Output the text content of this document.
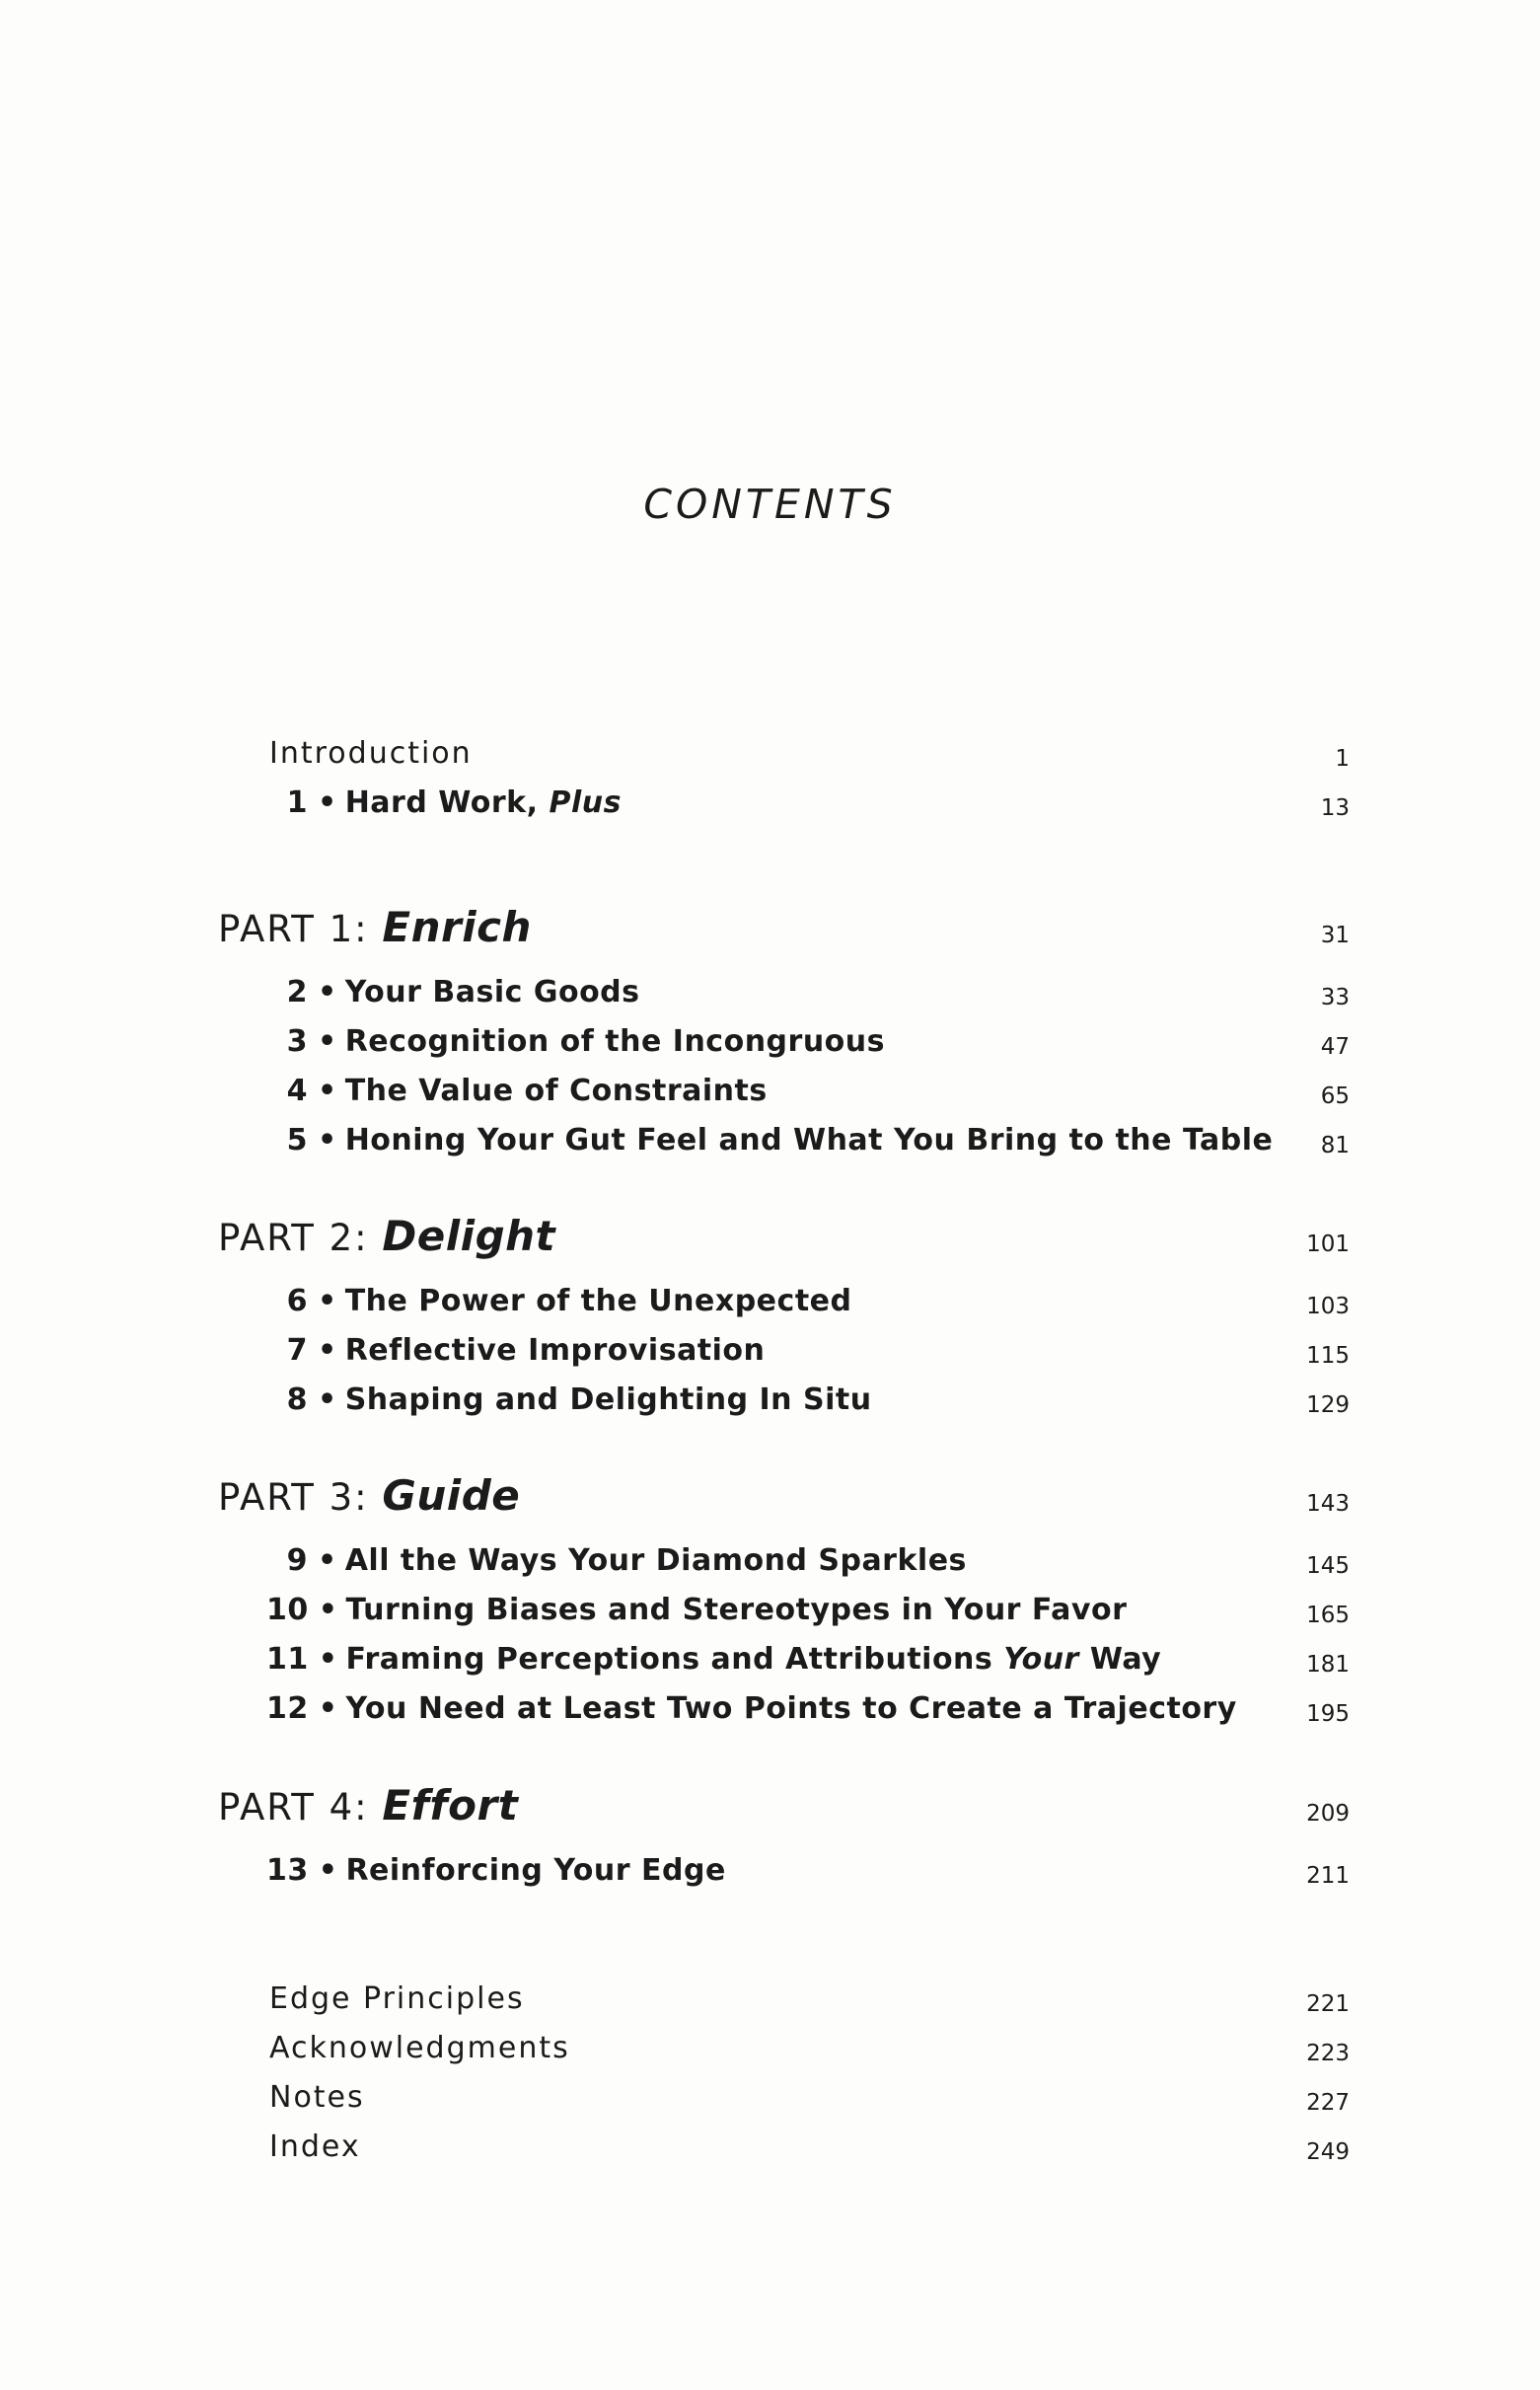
CONTENTS
Introduction	1
1 • Hard Work, Plus	13
PART 1: Enrich	31
2 • Your Basic Goods	33
3 • Recognition of the Incongruous	47
4 • The Value of Constraints	65
5 • Honing Your Gut Feel and What You Bring to the Table 81
PART 2: Delight	101
6 • The Power of the Unexpected	103
7 • Reflective Improvisation	115
8 • Shaping and Delighting In Situ	129
PART 3: Guide	143
9 • All the Ways Your Diamond Sparkles	145
10 • Turning Biases and Stereotypes in Your Favor	165
11 • Framing Perceptions and Attributions Your Way	181
12 • You Need at Least Two Points to Create a Trajectory	195
PART 4: Effort	209
13 • Reinforcing Your Edge	211
Edge Principles	221
Acknowledgments	223
Notes	227
Index	249
